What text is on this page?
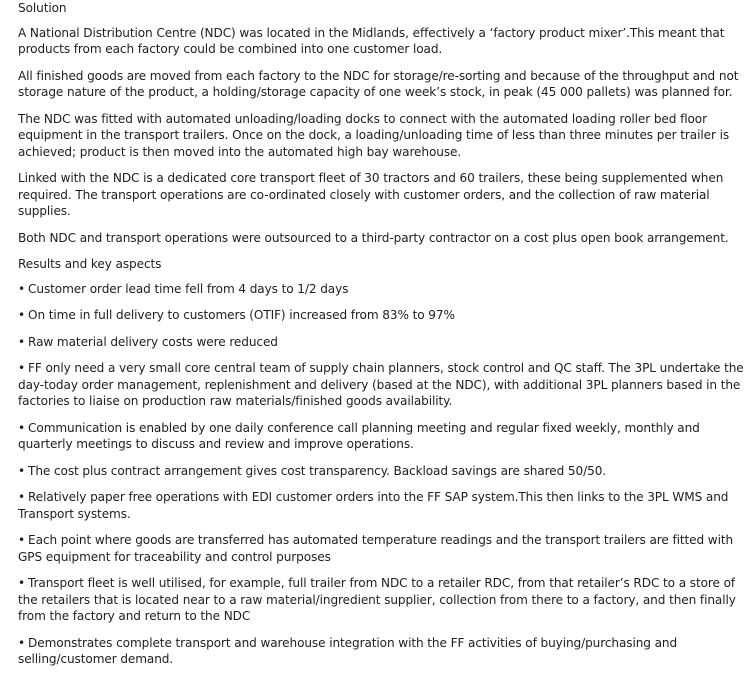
Solution

A National Distribution Centre (NDC) was located in the Midlands, effectively a ‘factory product mixer’.This meant that products from each factory could be combined into one customer load.

All finished goods are moved from each factory to the NDC for storage/re-sorting and because of the throughput and not storage nature of the product, a holding/storage capacity of one week’s stock, in peak (45 000 pallets) was planned for.

The NDC was fitted with automated unloading/loading docks to connect with the automated loading roller bed floor equipment in the transport trailers. Once on the dock, a loading/unloading time of less than three minutes per trailer is achieved; product is then moved into the automated high bay warehouse.

Linked with the NDC is a dedicated core transport fleet of 30 tractors and 60 trailers, these being supplemented when required. The transport operations are co-ordinated closely with customer orders, and the collection of raw material supplies.

Both NDC and transport operations were outsourced to a third-party contractor on a cost plus open book arrangement.

Results and key aspects

• Customer order lead time fell from 4 days to 1/2 days

• On time in full delivery to customers (OTIF) increased from 83% to 97%

• Raw material delivery costs were reduced

• FF only need a very small core central team of supply chain planners, stock control and QC staff. The 3PL undertake the day-today order management, replenishment and delivery (based at the NDC), with additional 3PL planners based in the factories to liaise on production raw materials/finished goods availability.

• Communication is enabled by one daily conference call planning meeting and regular fixed weekly, monthly and quarterly meetings to discuss and review and improve operations.

• The cost plus contract arrangement gives cost transparency. Backload savings are shared 50/50.

• Relatively paper free operations with EDI customer orders into the FF SAP system.This then links to the 3PL WMS and Transport systems.

• Each point where goods are transferred has automated temperature readings and the transport trailers are fitted with GPS equipment for traceability and control purposes

• Transport fleet is well utilised, for example, full trailer from NDC to a retailer RDC, from that retailer’s RDC to a store of the retailers that is located near to a raw material/ingredient supplier, collection from there to a factory, and then finally from the factory and return to the NDC

• Demonstrates complete transport and warehouse integration with the FF activities of buying/purchasing and selling/customer demand.
